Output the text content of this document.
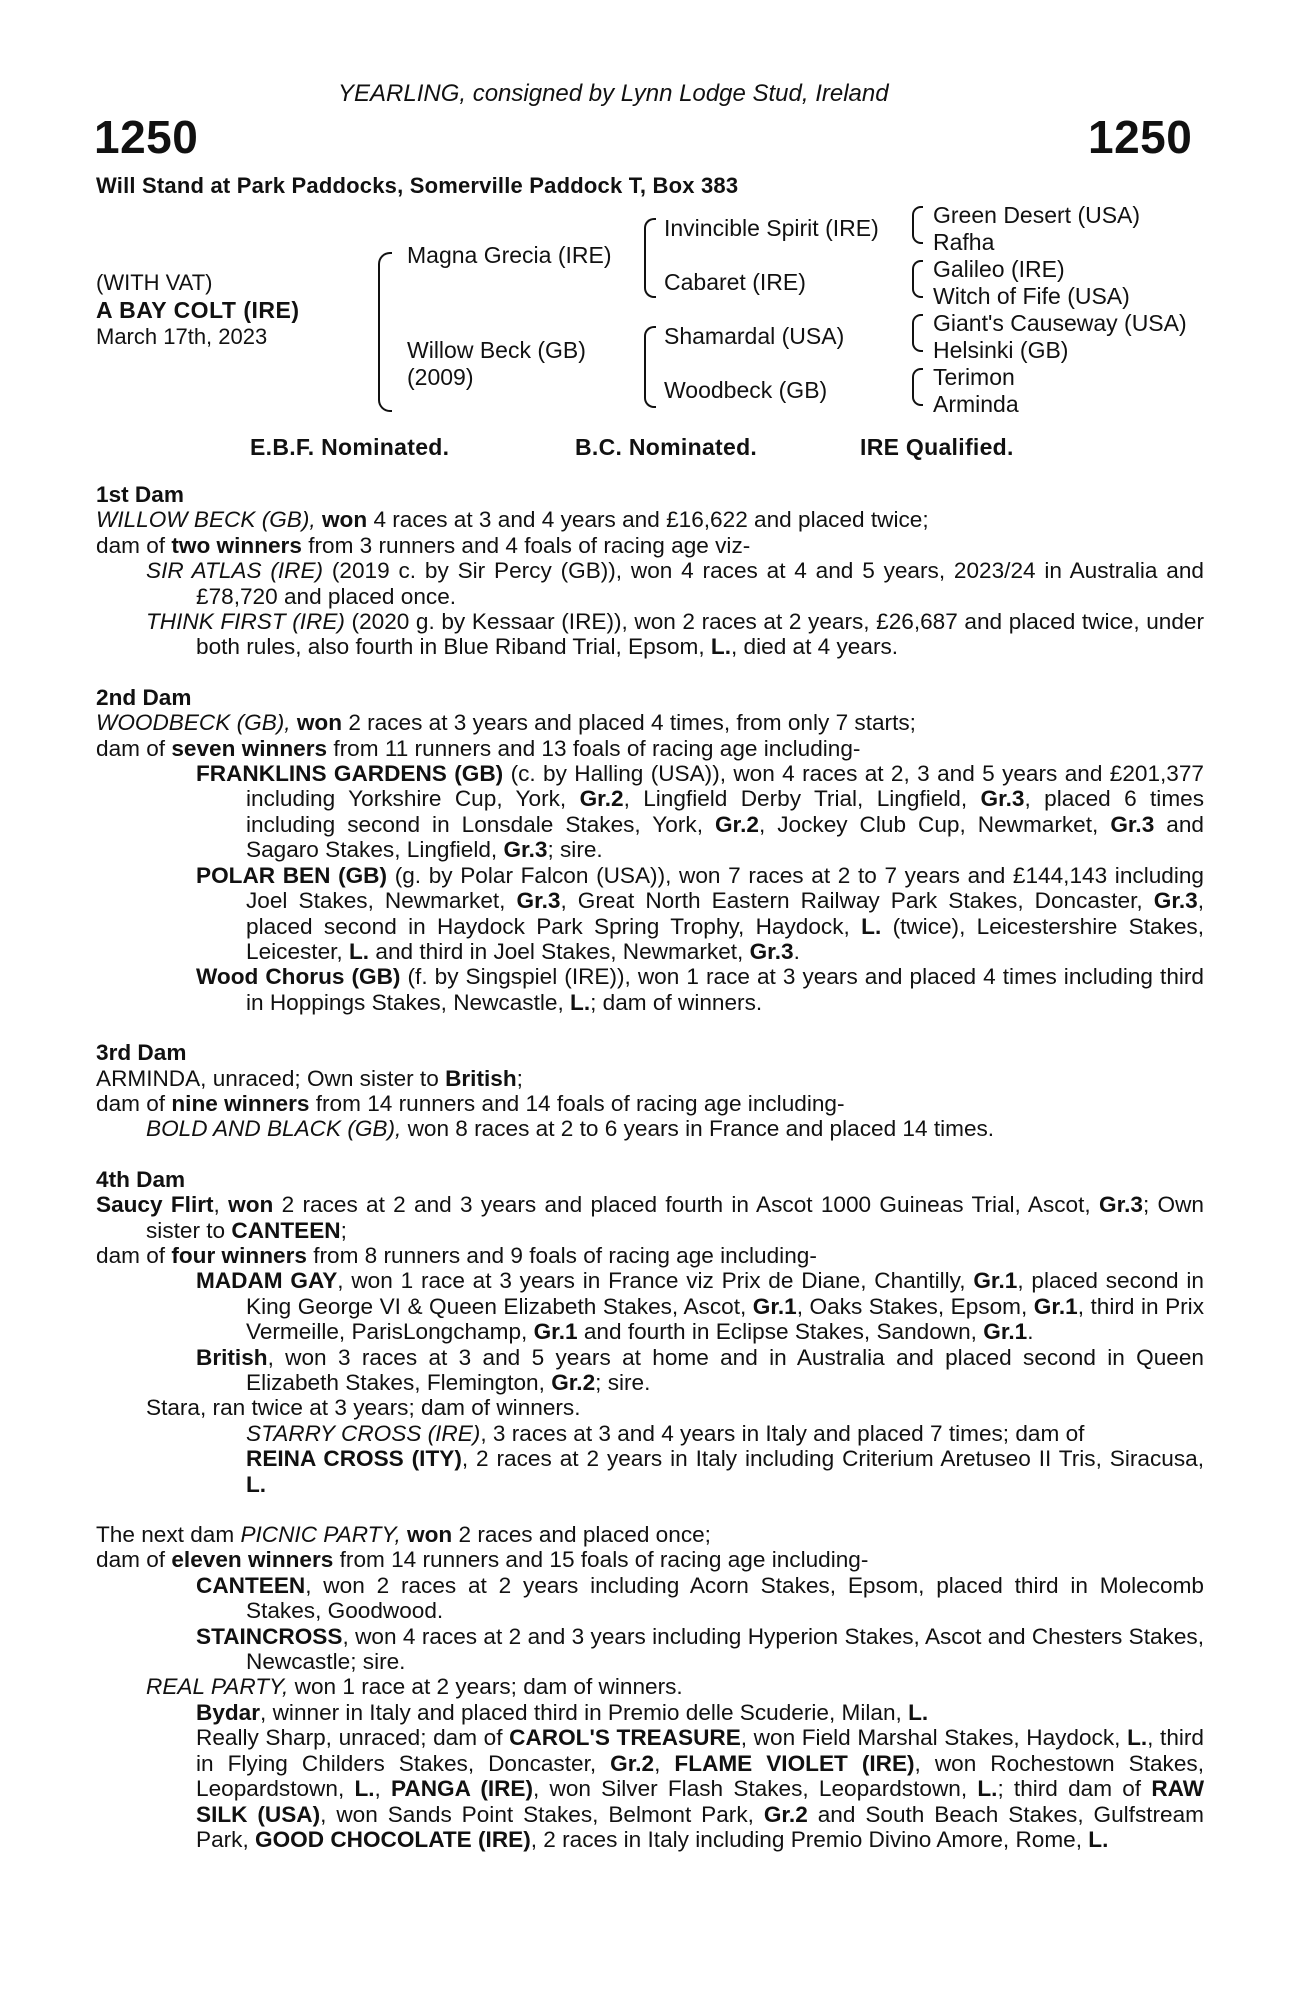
YEARLING, consigned by Lynn Lodge Stud, Ireland
1250	1250
Will Stand at Park Paddocks, Somerville Paddock T, Box 383
(WITH VAT)
A BAY COLT (IRE)
March 17th, 2023
Magna Grecia (IRE)
Willow Beck (GB)
(2009)
Invincible Spirit (IRE)
Cabaret (IRE)
Shamardal (USA)
Woodbeck (GB)
Green Desert (USA)
Rafha
Galileo (IRE)
Witch of Fife (USA)
Giant's Causeway (USA)
Helsinki (GB)
Terimon
Arminda
E.B.F. Nominated.	B.C. Nominated.	IRE Qualified.
1st Dam
WILLOW BECK (GB), won 4 races at 3 and 4 years and £16,622 and placed twice;
dam of two winners from 3 runners and 4 foals of racing age viz-
SIR ATLAS (IRE) (2019 c. by Sir Percy (GB)), won 4 races at 4 and 5 years, 2023/24 in Australia and £78,720 and placed once.
THINK FIRST (IRE) (2020 g. by Kessaar (IRE)), won 2 races at 2 years, £26,687 and placed twice, under both rules, also fourth in Blue Riband Trial, Epsom, L., died at 4 years.
2nd Dam
WOODBECK (GB), won 2 races at 3 years and placed 4 times, from only 7 starts;
dam of seven winners from 11 runners and 13 foals of racing age including-
FRANKLINS GARDENS (GB) (c. by Halling (USA)), won 4 races at 2, 3 and 5 years and £201,377 including Yorkshire Cup, York, Gr.2, Lingfield Derby Trial, Lingfield, Gr.3, placed 6 times including second in Lonsdale Stakes, York, Gr.2, Jockey Club Cup, Newmarket, Gr.3 and Sagaro Stakes, Lingfield, Gr.3; sire.
POLAR BEN (GB) (g. by Polar Falcon (USA)), won 7 races at 2 to 7 years and £144,143 including Joel Stakes, Newmarket, Gr.3, Great North Eastern Railway Park Stakes, Doncaster, Gr.3, placed second in Haydock Park Spring Trophy, Haydock, L. (twice), Leicestershire Stakes, Leicester, L. and third in Joel Stakes, Newmarket, Gr.3.
Wood Chorus (GB) (f. by Singspiel (IRE)), won 1 race at 3 years and placed 4 times including third in Hoppings Stakes, Newcastle, L.; dam of winners.
3rd Dam
ARMINDA, unraced; Own sister to British;
dam of nine winners from 14 runners and 14 foals of racing age including-
BOLD AND BLACK (GB), won 8 races at 2 to 6 years in France and placed 14 times.
4th Dam
Saucy Flirt, won 2 races at 2 and 3 years and placed fourth in Ascot 1000 Guineas Trial, Ascot, Gr.3; Own sister to CANTEEN;
dam of four winners from 8 runners and 9 foals of racing age including-
MADAM GAY, won 1 race at 3 years in France viz Prix de Diane, Chantilly, Gr.1, placed second in King George VI & Queen Elizabeth Stakes, Ascot, Gr.1, Oaks Stakes, Epsom, Gr.1, third in Prix Vermeille, ParisLongchamp, Gr.1 and fourth in Eclipse Stakes, Sandown, Gr.1.
British, won 3 races at 3 and 5 years at home and in Australia and placed second in Queen Elizabeth Stakes, Flemington, Gr.2; sire.
Stara, ran twice at 3 years; dam of winners.
STARRY CROSS (IRE), 3 races at 3 and 4 years in Italy and placed 7 times; dam of
REINA CROSS (ITY), 2 races at 2 years in Italy including Criterium Aretuseo II Tris, Siracusa, L.
The next dam PICNIC PARTY, won 2 races and placed once;
dam of eleven winners from 14 runners and 15 foals of racing age including-
CANTEEN, won 2 races at 2 years including Acorn Stakes, Epsom, placed third in Molecomb Stakes, Goodwood.
STAINCROSS, won 4 races at 2 and 3 years including Hyperion Stakes, Ascot and Chesters Stakes, Newcastle; sire.
REAL PARTY, won 1 race at 2 years; dam of winners.
Bydar, winner in Italy and placed third in Premio delle Scuderie, Milan, L.
Really Sharp, unraced; dam of CAROL'S TREASURE, won Field Marshal Stakes, Haydock, L., third in Flying Childers Stakes, Doncaster, Gr.2, FLAME VIOLET (IRE), won Rochestown Stakes, Leopardstown, L., PANGA (IRE), won Silver Flash Stakes, Leopardstown, L.; third dam of RAW SILK (USA), won Sands Point Stakes, Belmont Park, Gr.2 and South Beach Stakes, Gulfstream Park, GOOD CHOCOLATE (IRE), 2 races in Italy including Premio Divino Amore, Rome, L.
